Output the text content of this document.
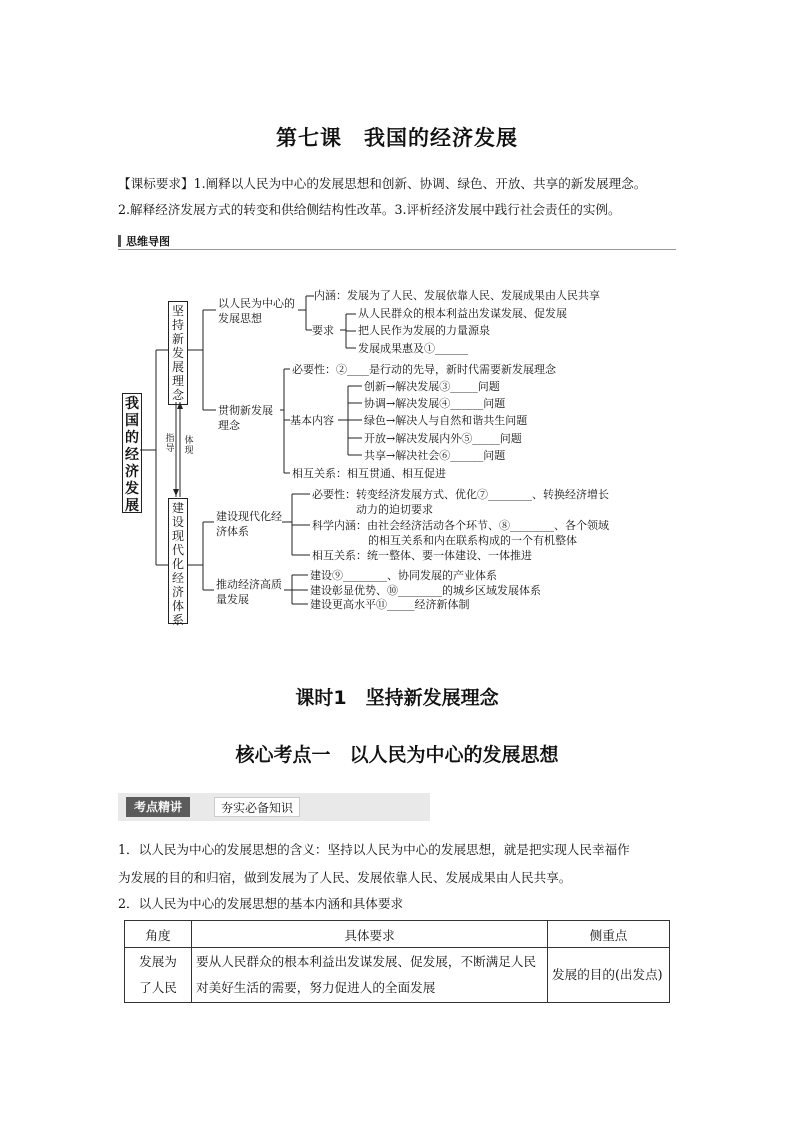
第七课　我国的经济发展
【课标要求】1.阐释以人民为中心的发展思想和创新、协调、绿色、开放、共享的新发展理念。
2.解释经济发展方式的转变和供给侧结构性改革。3.评析经济发展中践行社会责任的实例。
思维导图
我国的经济发展
坚持新发展理念
建设现代化经济体系
指导
体现
以人民为中心的发展思想
内涵：发展为了人民、发展依靠人民、发展成果由人民共享
要求
从人民群众的根本利益出发谋发展、促发展
把人民作为发展的力量源泉
发展成果惠及①______
贯彻新发展理念
必要性：②____是行动的先导，新时代需要新发展理念
基本内容
创新→解决发展③_____问题
协调→解决发展④______问题
绿色→解决人与自然和谐共生问题
开放→解决发展内外⑤_____问题
共享→解决社会⑥______问题
相互关系：相互贯通、相互促进
建设现代化经济体系
必要性：转变经济发展方式、优化⑦________、转换经济增长
动力的迫切要求
科学内涵：由社会经济活动各个环节、⑧________、各个领域
的相互关系和内在联系构成的一个有机整体
相互关系：统一整体、要一体建设、一体推进
推动经济高质量发展
建设⑨________、协同发展的产业体系
建设彰显优势、⑩________的城乡区域发展体系
建设更高水平⑪_____经济新体制
课时1　坚持新发展理念
核心考点一　以人民为中心的发展思想
考点精讲	夯实必备知识
1．以人民为中心的发展思想的含义：坚持以人民为中心的发展思想，就是把实现人民幸福作
为发展的目的和归宿，做到发展为了人民、发展依靠人民、发展成果由人民共享。
2．以人民为中心的发展思想的基本内涵和具体要求
角度	具体要求	侧重点
发展为了人民	要从人民群众的根本利益出发谋发展、促发展，不断满足人民对美好生活的需要，努力促进人的全面发展	发展的目的(出发点)
